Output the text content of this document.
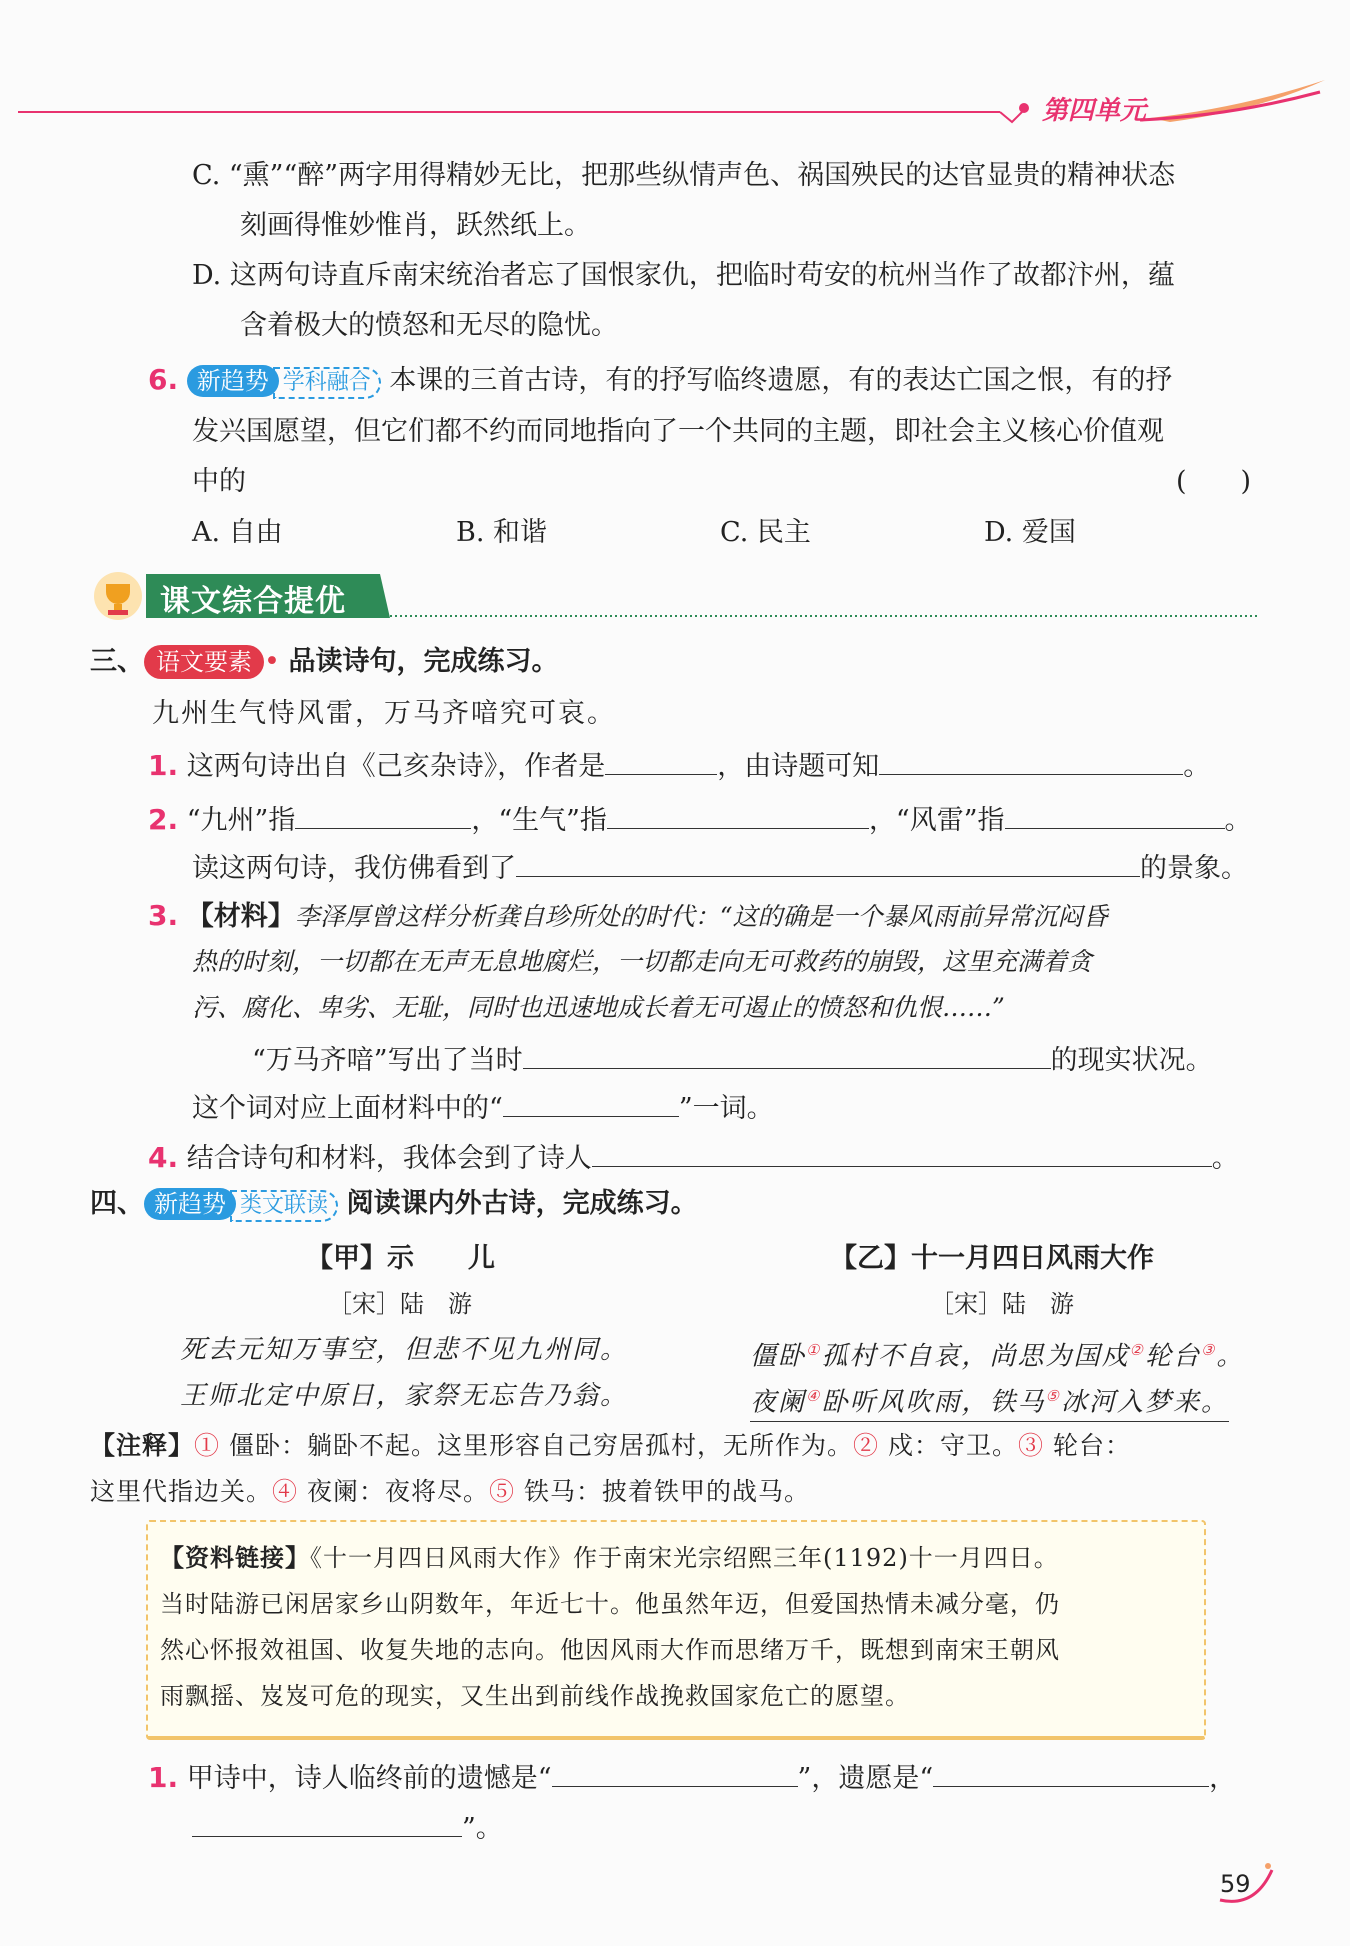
第四单元
C. “熏”“醉”两字用得精妙无比，把那些纵情声色、祸国殃民的达官显贵的精神状态
刻画得惟妙惟肖，跃然纸上。
D. 这两句诗直斥南宋统治者忘了国恨家仇，把临时苟安的杭州当作了故都汴州，蕴
含着极大的愤怒和无尽的隐忧。
6. 新趋势 学科融合 本课的三首古诗，有的抒写临终遗愿，有的表达亡国之恨，有的抒
发兴国愿望，但它们都不约而同地指向了一个共同的主题，即社会主义核心价值观
中的	(　　)
A. 自由	B. 和谐	C. 民主	D. 爱国
课文综合提优
三、 语文要素 • 品读诗句，完成练习。
九州生气恃风雷，万马齐喑究可哀。
1. 这两句诗出自《己亥杂诗》，作者是	，由诗题可知	。
2. “九州”指	，“生气”指	，“风雷”指	。
读这两句诗，我仿佛看到了	的景象。
3. 【材料】李泽厚曾这样分析龚自珍所处的时代：“这的确是一个暴风雨前异常沉闷昏
热的时刻，一切都在无声无息地腐烂，一切都走向无可救药的崩毁，这里充满着贪
污、腐化、卑劣、无耻，同时也迅速地成长着无可遏止的愤怒和仇恨……”
“万马齐喑”写出了当时	的现实状况。
这个词对应上面材料中的“	”一词。
4. 结合诗句和材料，我体会到了诗人	。
四、 新趋势 类文联读 阅读课内外古诗，完成练习。
【甲】示　　儿
［宋］陆　游
死去元知万事空，但悲不见九州同。
王师北定中原日，家祭无忘告乃翁。
【乙】十一月四日风雨大作
［宋］陆　游
僵卧①孤村不自哀，尚思为国戍②轮台③。
夜阑④卧听风吹雨，铁马⑤冰河入梦来。
【注释】① 僵卧：躺卧不起。这里形容自己穷居孤村，无所作为。② 戍：守卫。③ 轮台：
这里代指边关。④ 夜阑：夜将尽。⑤ 铁马：披着铁甲的战马。
【资料链接】《十一月四日风雨大作》作于南宋光宗绍熙三年(1192)十一月四日。
当时陆游已闲居家乡山阴数年，年近七十。他虽然年迈，但爱国热情未减分毫，仍
然心怀报效祖国、收复失地的志向。他因风雨大作而思绪万千，既想到南宋王朝风
雨飘摇、岌岌可危的现实，又生出到前线作战挽救国家危亡的愿望。
1. 甲诗中，诗人临终前的遗憾是“	”，遗愿是“	，
”。
59
